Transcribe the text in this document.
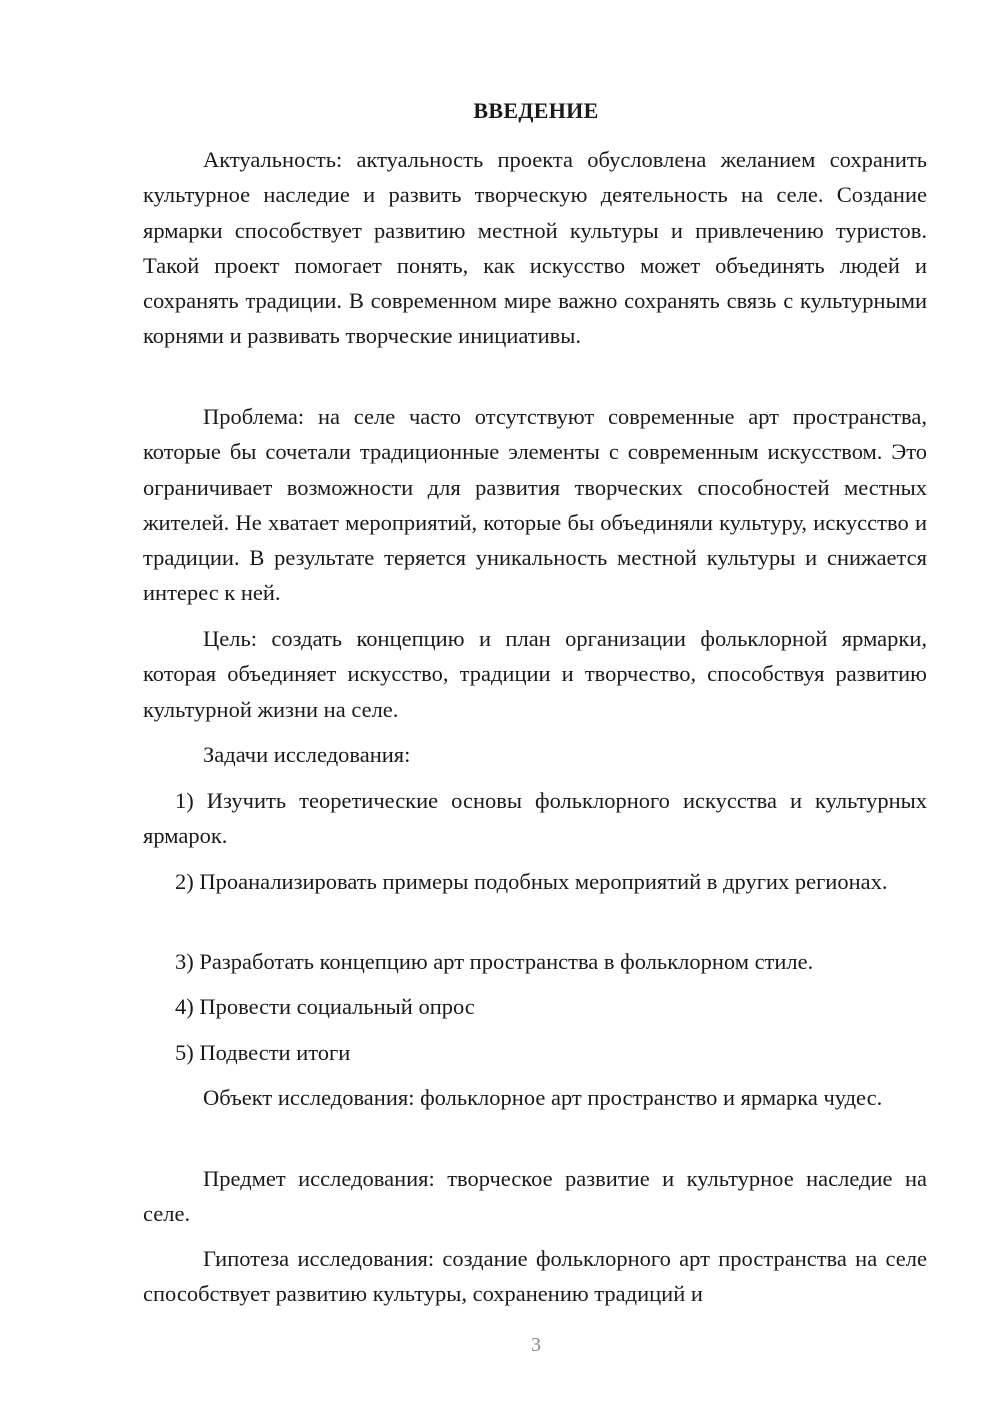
ВВЕДЕНИЕ

Актуальность: актуальность проекта обусловлена желанием сохранить культурное наследие и развить творческую деятельность на селе. Создание ярмарки способствует развитию местной культуры и привлечению туристов. Такой проект помогает понять, как искусство может объединять людей и сохранять традиции. В современном мире важно сохранять связь с культурными корнями и развивать творческие инициативы.

Проблема: на селе часто отсутствуют современные арт пространства, которые бы сочетали традиционные элементы с современным искусством. Это ограничивает возможности для развития творческих способностей местных жителей. Не хватает мероприятий, которые бы объединяли культуру, искусство и традиции. В результате теряется уникальность местной культуры и снижается интерес к ней.

Цель: создать концепцию и план организации фольклорной ярмарки, которая объединяет искусство, традиции и творчество, способствуя развитию культурной жизни на селе.

Задачи исследования:

1) Изучить теоретические основы фольклорного искусства и культурных ярмарок.

2) Проанализировать примеры подобных мероприятий в других регионах.

3) Разработать концепцию арт пространства в фольклорном стиле.

4) Провести социальный опрос

5) Подвести итоги

Объект исследования: фольклорное арт пространство и ярмарка чудес.

Предмет исследования: творческое развитие и культурное наследие на селе.

Гипотеза исследования: создание фольклорного арт пространства на селе способствует развитию культуры, сохранению традиций и

3
